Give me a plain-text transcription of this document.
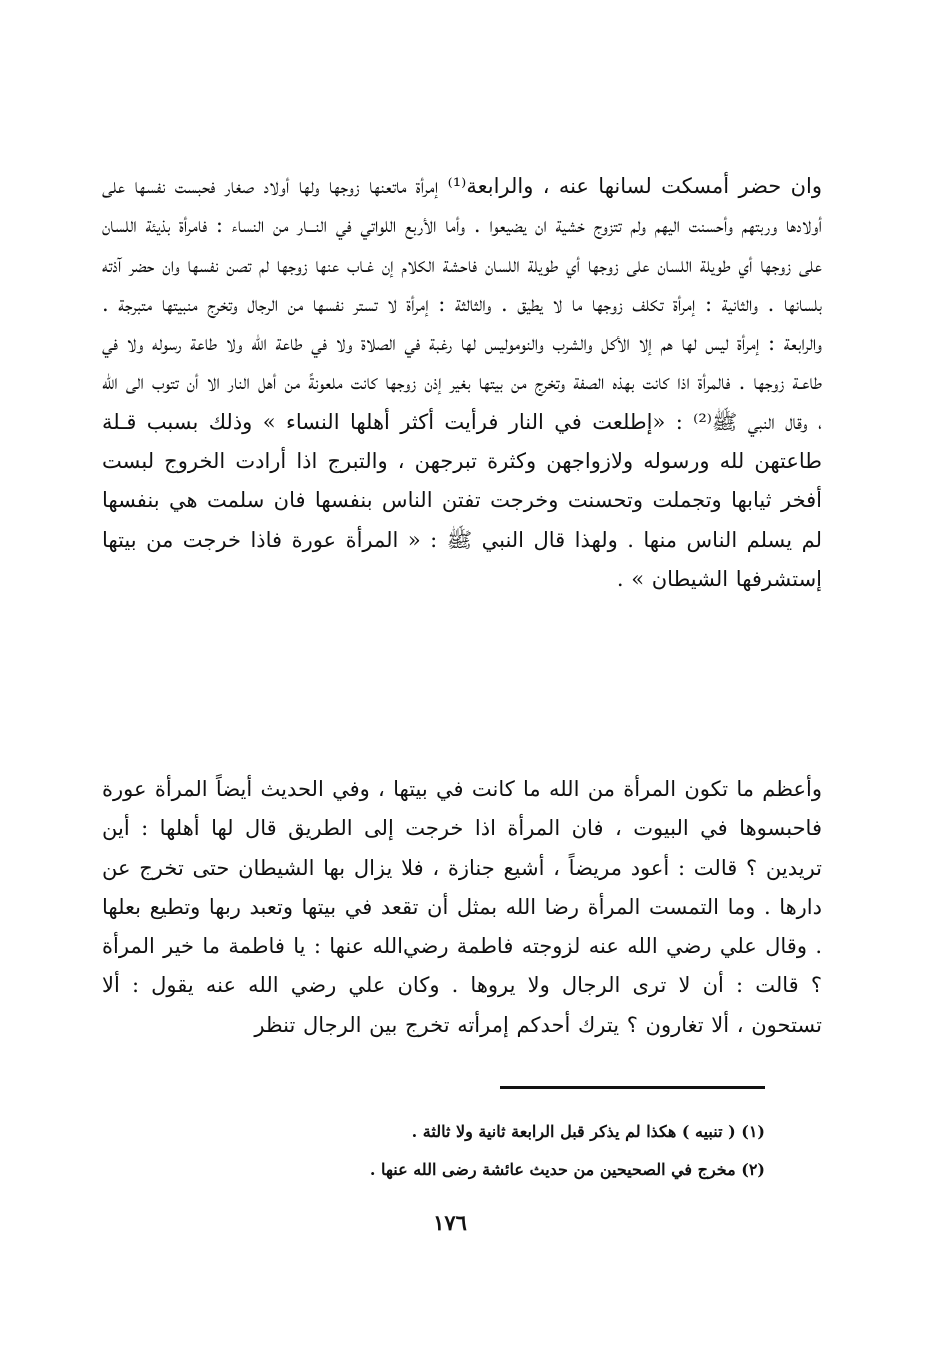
وان حضر أمسكت لسانها عنه ، والرابعة⁽¹⁾ إمرأة ماتعنها زوجها ولها أولاد صغار فحبست نفسها على أولادها وربتهم وأحسنت اليهم ولم تتزوج خشية ان يضيعوا . وأما الأربع اللواتي في النـــار من النساء : فامرأة بذيئة اللسان على زوجها أي طويلة اللسان على زوجها أي طويلة اللسان فاحشة الكلام إن غـاب عنها زوجها لم تصن نفسها وان حضر آذته بلسانها . والثانية : إمرأة تكلف زوجها ما لا يطيق . والثالثة : إمرأة لا تستر نفسها من الرجال وتخرج منبيتها متبرجة . والرابعة : إمرأة ليس لها هم إلا الأكل والشرب والنوموليس لها رغبة في الصلاة ولا في طاعة الله ولا طاعة رسوله ولا في طاعـة زوجها . فالمرأة اذا كانت بهذه الصفة وتخرج من بيتها بغير إذن زوجها كانت ملعونةً من أهل النار الا أن تتوب الى الله ، وقال النبي ﷺ⁽²⁾ : «إطلعت في النار فرأيت أكثر أهلها النساء » وذلك بسبب قـلة طاعتهن لله ورسوله ولازواجهن وكثرة تبرجهن ، والتبرج اذا أرادت الخروج لبست أفخر ثيابها وتجملت وتحسنت وخرجت تفتن الناس بنفسها فان سلمت هي بنفسها لم يسلم الناس منها . ولهذا قال النبي ﷺ : « المرأة عورة فاذا خرجت من بيتها إستشرفها الشيطان » .

وأعظم ما تكون المرأة من الله ما كانت في بيتها ، وفي الحديث أيضاً المرأة عورة فاحبسوها في البيوت ، فان المرأة اذا خرجت إلى الطريق قال لها أهلها : أين تريدين ؟ قالت : أعود مريضاً ، أشيع جنازة ، فلا يزال بها الشيطان حتى تخرج عن دارها . وما التمست المرأة رضا الله بمثل أن تقعد في بيتها وتعبد ربها وتطيع بعلها . وقال علي رضي الله عنه لزوجته فاطمة رضي‌الله عنها : يا فاطمة ما خير المرأة ؟ قالت : أن لا ترى الرجال ولا يروها . وكان علي رضي الله عنه يقول : ألا تستحون ، ألا تغارون ؟ يترك أحدكم إمرأته تخرج بين الرجال تنظر

(١) ( تنبيه ) هكذا لم يذكر قبل الرابعة ثانية ولا ثالثة .

(٢) مخرج في الصحيحين من حديث عائشة رضى الله عنها .

١٧٦
